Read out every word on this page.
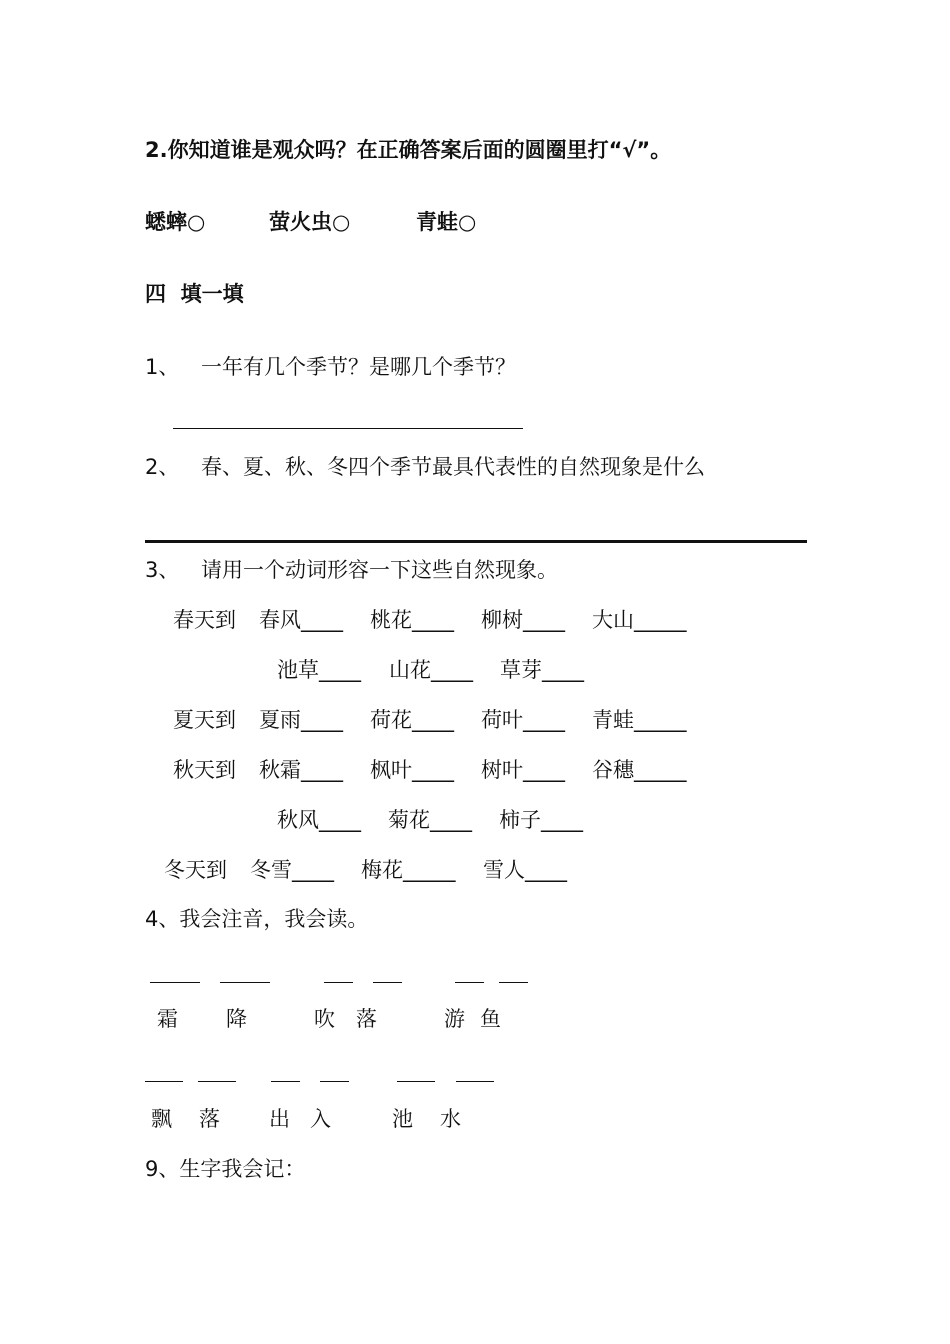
2.你知道谁是观众吗？在正确答案后面的圆圈里打“√”。
蟋蟀○	萤火虫○	青蛙○
四  填一填
1、 一年有几个季节？是哪几个季节？
2、 春、夏、秋、冬四个季节最具代表性的自然现象是什么
3、 请用一个动词形容一下这些自然现象。
春天到 春风____ 桃花____ 柳树____ 大山_____
池草____ 山花____ 草芽____
夏天到 夏雨____ 荷花____ 荷叶____ 青蛙_____
秋天到 秋霜____ 枫叶____ 树叶____ 谷穗_____
秋风____ 菊花____ 柿子____
冬天到 冬雪____ 梅花_____ 雪人____
4、我会注音，我会读。
霜 降	吹 落	游 鱼
飘 落 出 入	池 水
9、生字我会记：
